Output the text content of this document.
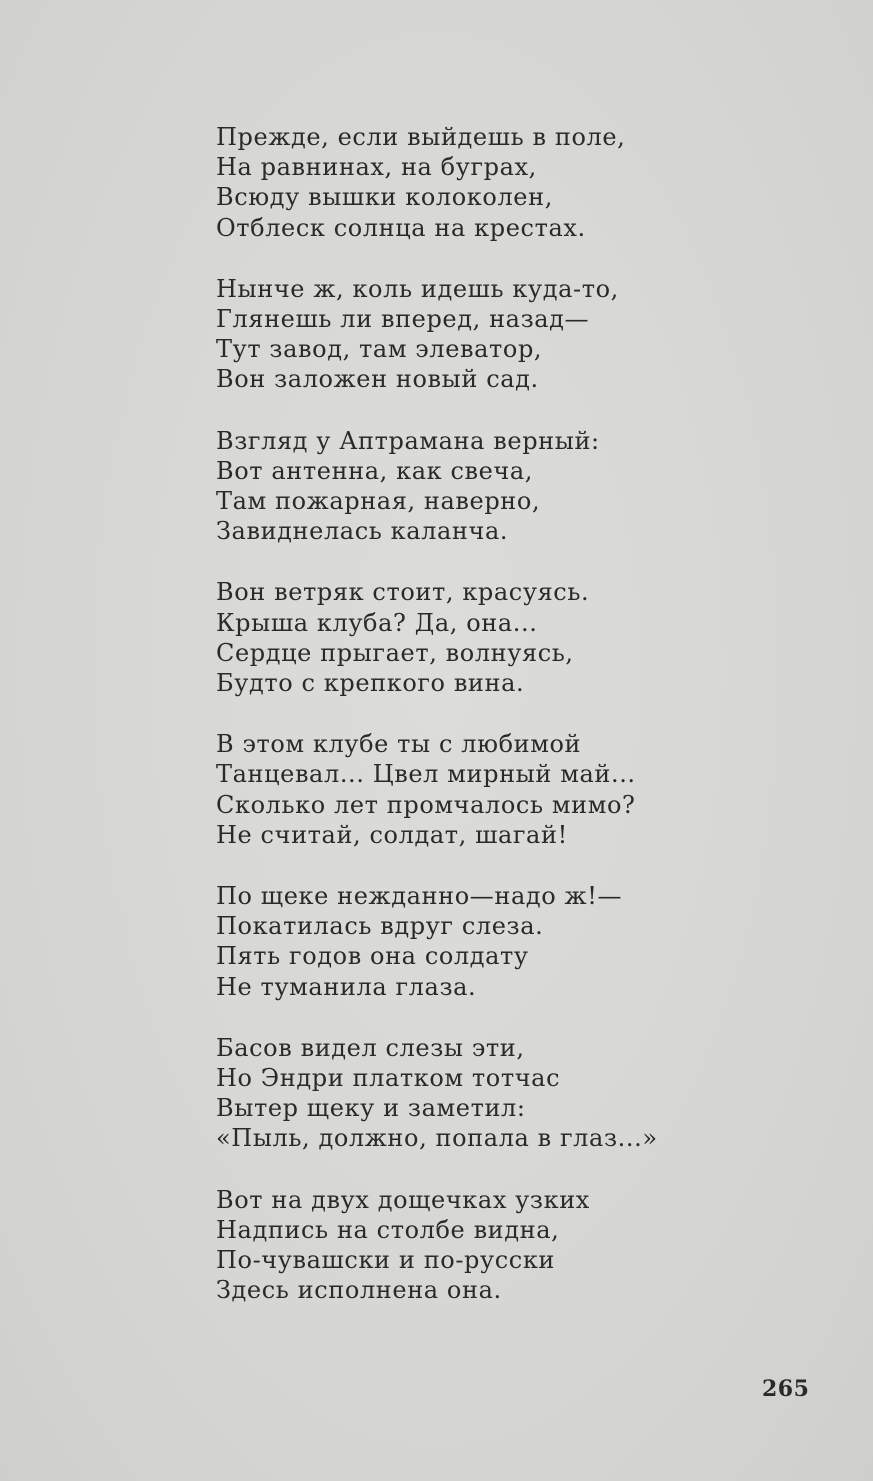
Прежде, если выйдешь в поле,
На равнинах, на буграх,
Всюду вышки колоколен,
Отблеск солнца на крестах.
Нынче ж, коль идешь куда-то,
Глянешь ли вперед, назад—
Тут завод, там элеватор,
Вон заложен новый сад.
Взгляд у Аптрамана верный:
Вот антенна, как свеча,
Там пожарная, наверно,
Завиднелась каланча.
Вон ветряк стоит, красуясь.
Крыша клуба? Да, она...
Сердце прыгает, волнуясь,
Будто с крепкого вина.
В этом клубе ты с любимой
Танцевал... Цвел мирный май...
Сколько лет промчалось мимо?
Не считай, солдат, шагай!
По щеке нежданно—надо ж!—
Покатилась вдруг слеза.
Пять годов она солдату
Не туманила глаза.
Басов видел слезы эти,
Но Эндри платком тотчас
Вытер щеку и заметил:
«Пыль, должно, попала в глаз...»
Вот на двух дощечках узких
Надпись на столбе видна,
По-чувашски и по-русски
Здесь исполнена она.
265
